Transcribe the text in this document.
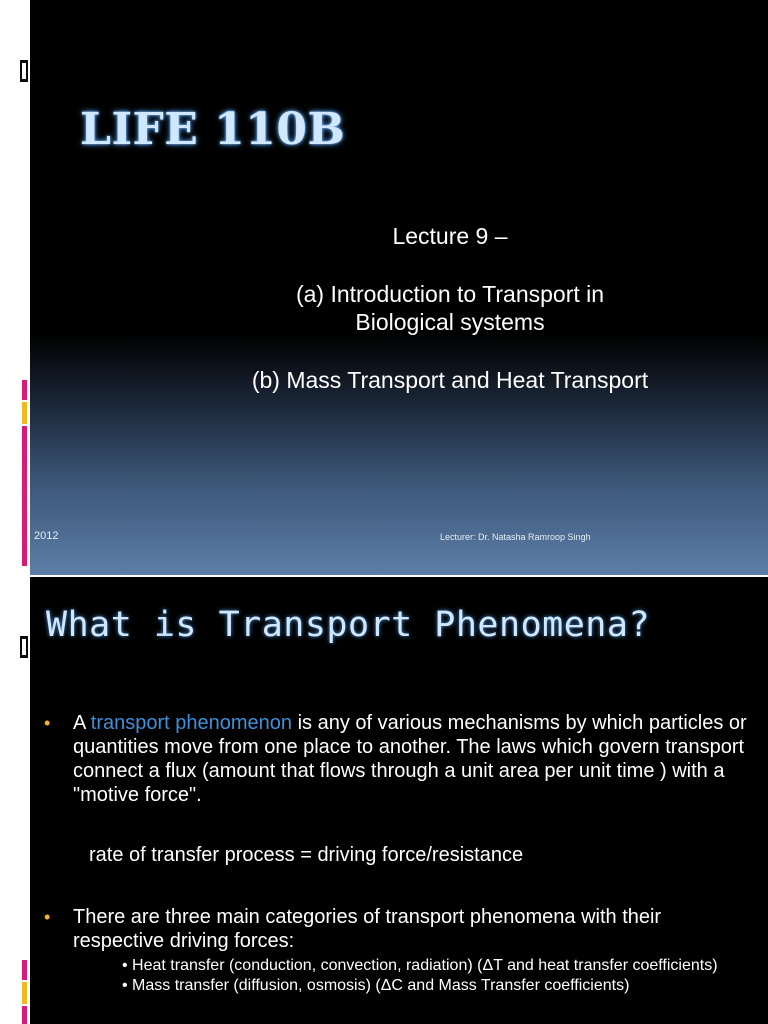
LIFE 110B
Lecture 9 –
(a) Introduction to Transport in
Biological systems
(b) Mass Transport and Heat Transport
2012	Lecturer: Dr. Natasha Ramroop Singh
What is Transport Phenomena?
•	A transport phenomenon is any of various mechanisms by which particles or quantities move from one place to another. The laws which govern transport connect a flux (amount that flows through a unit area per unit time ) with a "motive force".
rate of transfer process = driving force/resistance
•	There are three main categories of transport phenomena with their respective driving forces:
• Heat transfer (conduction, convection, radiation) (ΔT and heat transfer coefficients)
• Mass transfer (diffusion, osmosis) (ΔC and Mass Transfer coefficients)
